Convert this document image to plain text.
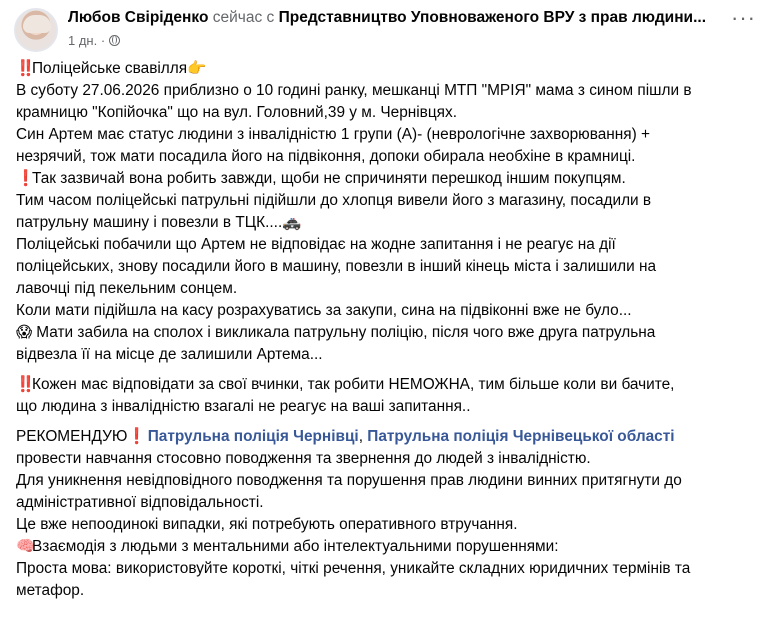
Любов Свіріденко сейчас с Представництво Уповноваженого ВРУ з прав людини...
1 дн. ·
···

‼️Поліцейське свавілля👉

В суботу 27.06.2026 приблизно о 10 годині ранку, мешканці МТП "МРІЯ" мама з сином пішли в

крамницю "Копійочка" що на вул. Головний,39 у м. Чернівцях.

Син Артем має статус людини з інвалідністю 1 групи (А)- (неврологічне захворювання) +

незрячий, тож мати посадила його на підвіконня, допоки обирала необхіне в крамниці.

❗Так зазвичай вона робить завжди, щоби не спричиняти перешкод іншим покупцям.

Тим часом поліцейські патрульні підійшли до хлопця вивели його з магазину, посадили в

патрульну машину і повезли в ТЦК....🚓

Поліцейські побачили що Артем не відповідає на жодне запитання і не реагує на дії

поліцейських, знову посадили його в машину, повезли в інший кінець міста і залишили на

лавочці під пекельним сонцем.

Коли мати підійшла на касу розрахуватись за закупи, сина на підвіконні вже не було...

😱 Мати забила на сполох і викликала патрульну поліцію, після чого вже друга патрульна

відвезла її на місце де залишили Артема...

‼️Кожен має відповідати за свої вчинки, так робити НЕМОЖНА, тим більше коли ви бачите,

що людина з інвалідністю взагалі не реагує на ваші запитання..

РЕКОМЕНДУЮ❗ Патрульна поліція Чернівці, Патрульна поліція Чернівецької області

провести навчання стосовно поводження та звернення до людей з інвалідністю.

Для уникнення невідповідного поводження та порушення прав людини винних притягнути до

адміністративної відповідальності.

Це вже непоодинокі випадки, які потребують оперативного втручання.

🧠Взаємодія з людьми з ментальними або інтелектуальними порушеннями:

Проста мова: використовуйте короткі, чіткі речення, уникайте складних юридичних термінів та

метафор.
